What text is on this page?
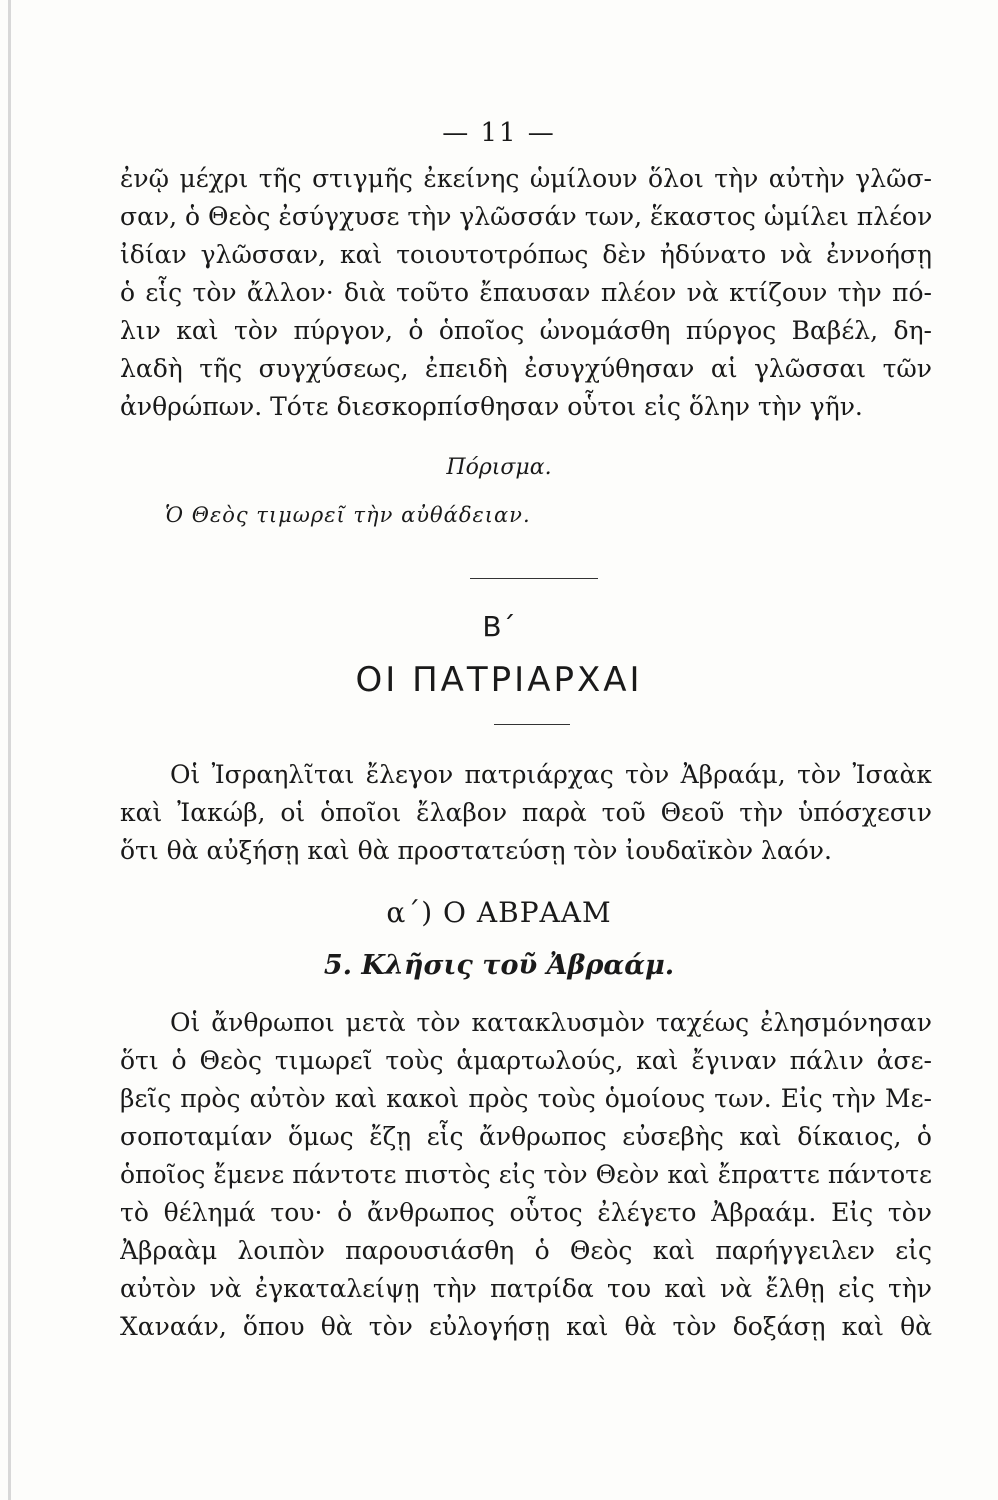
— 11 —
ἐνῷ μέχρι τῆς στιγμῆς ἐκείνης ὡμίλουν ὅλοι τὴν αὐτὴν γλῶσ-
σαν, ὁ Θεὸς ἐσύγχυσε τὴν γλῶσσάν των, ἕκαστος ὡμίλει πλέον
ἰδίαν γλῶσσαν, καὶ τοιουτοτρόπως δὲν ἠδύνατο νὰ ἐννοήσῃ
ὁ εἷς τὸν ἄλλον· διὰ τοῦτο ἔπαυσαν πλέον νὰ κτίζουν τὴν πό-
λιν καὶ τὸν πύργον, ὁ ὁποῖος ὠνομάσθη πύργος Βαβέλ, δη-
λαδὴ τῆς συγχύσεως, ἐπειδὴ ἐσυγχύθησαν αἱ γλῶσσαι τῶν
ἀνθρώπων. Τότε διεσκορπίσθησαν οὗτοι εἰς ὅλην τὴν γῆν.
Πόρισμα.
Ὁ Θεὸς τιμωρεῖ τὴν αὐθάδειαν.
Β΄
ΟΙ ΠΑΤΡΙΑΡΧΑΙ
Οἱ Ἰσραηλῖται ἔλεγον πατριάρχας τὸν Ἀβραάμ, τὸν Ἰσαὰκ
καὶ Ἰακώβ, οἱ ὁποῖοι ἔλαβον παρὰ τοῦ Θεοῦ τὴν ὑπόσχεσιν
ὅτι θὰ αὐξήσῃ καὶ θὰ προστατεύσῃ τὸν ἰουδαϊκὸν λαόν.
α΄) Ο ΑΒΡΑΑΜ
5. Κλῆσις τοῦ Ἀβραάμ.
Οἱ ἄνθρωποι μετὰ τὸν κατακλυσμὸν ταχέως ἐλησμόνησαν
ὅτι ὁ Θεὸς τιμωρεῖ τοὺς ἁμαρτωλούς, καὶ ἔγιναν πάλιν ἀσε-
βεῖς πρὸς αὐτὸν καὶ κακοὶ πρὸς τοὺς ὁμοίους των. Εἰς τὴν Με-
σοποταμίαν ὅμως ἔζῃ εἷς ἄνθρωπος εὐσεβὴς καὶ δίκαιος, ὁ
ὁποῖος ἔμενε πάντοτε πιστὸς εἰς τὸν Θεὸν καὶ ἔπραττε πάντοτε
τὸ θέλημά του· ὁ ἄνθρωπος οὗτος ἐλέγετο Ἀβραάμ. Εἰς τὸν
Ἀβραὰμ λοιπὸν παρουσιάσθη ὁ Θεὸς καὶ παρήγγειλεν εἰς
αὐτὸν νὰ ἐγκαταλείψῃ τὴν πατρίδα του καὶ νὰ ἔλθῃ εἰς τὴν
Χαναάν, ὅπου θὰ τὸν εὐλογήσῃ καὶ θὰ τὸν δοξάσῃ καὶ θὰ
